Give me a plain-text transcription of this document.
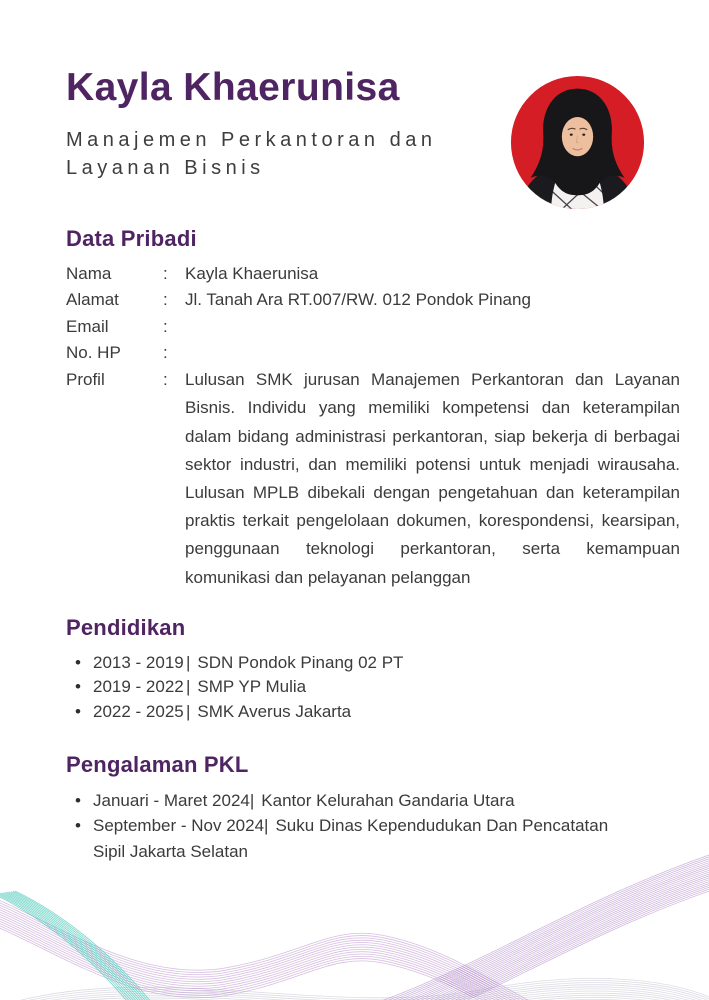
Kayla Khaerunisa
Manajemen Perkantoran dan
Layanan Bisnis
Data Pribadi
Nama	:	Kayla Khaerunisa
Alamat	:	Jl. Tanah Ara RT.007/RW. 012 Pondok Pinang
Email	:
No. HP	:
Profil	:	Lulusan SMK jurusan Manajemen Perkantoran dan Layanan Bisnis. Individu yang memiliki kompetensi dan keterampilan dalam bidang administrasi perkantoran, siap bekerja di berbagai sektor industri, dan memiliki potensi untuk menjadi wirausaha. Lulusan MPLB dibekali dengan pengetahuan dan keterampilan praktis terkait pengelolaan dokumen, korespondensi, kearsipan, penggunaan teknologi perkantoran, serta kemampuan komunikasi dan pelayanan pelanggan
Pendidikan
• 2013 - 2019 | SDN Pondok Pinang 02 PT
• 2019 - 2022 | SMP YP Mulia
• 2022 - 2025 | SMK Averus Jakarta
Pengalaman PKL
• Januari - Maret 2024| Kantor Kelurahan Gandaria Utara
• September - Nov 2024| Suku Dinas Kependudukan Dan Pencatatan Sipil Jakarta Selatan
